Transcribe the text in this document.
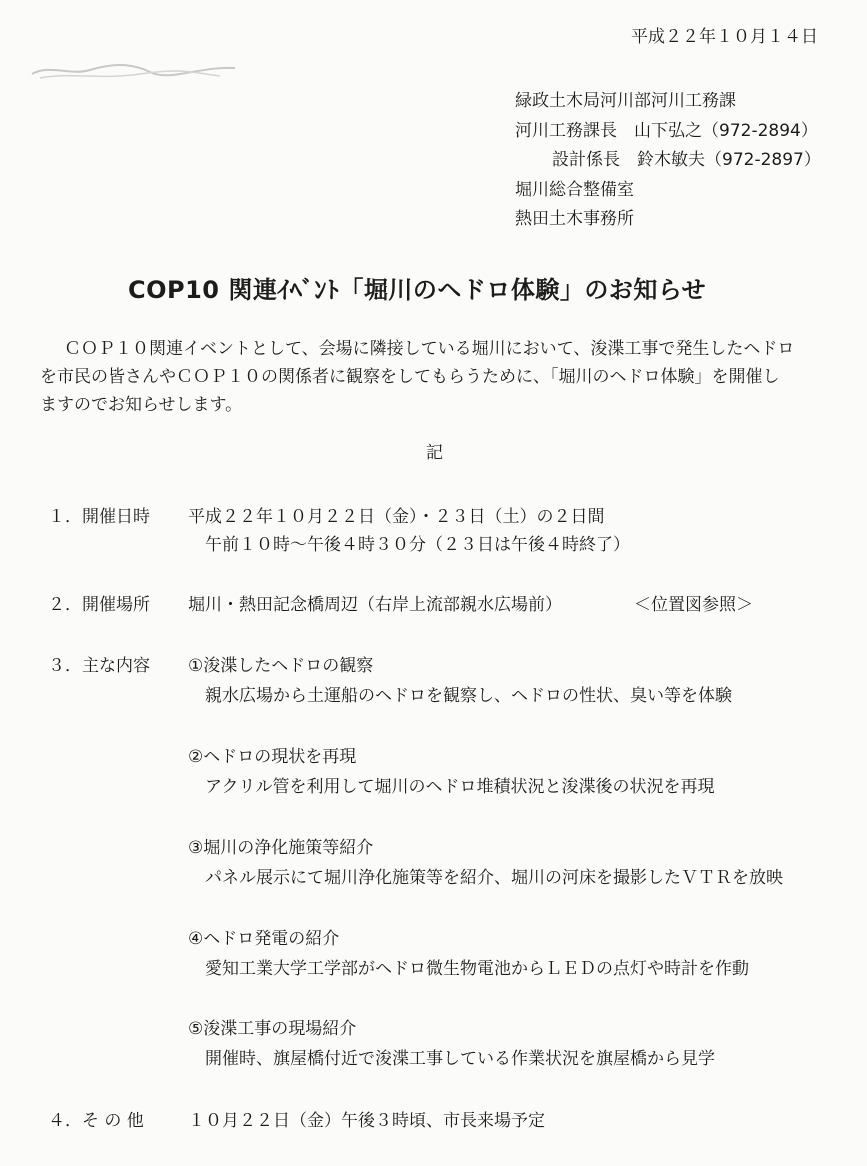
平成２２年１０月１４日
緑政土木局河川部河川工務課
河川工務課長　山下弘之（972-2894）
設計係長　鈴木敏夫（972-2897）
堀川総合整備室
熱田土木事務所
COP10 関連ｲﾍﾞﾝﾄ「堀川のヘドロ体験」のお知らせ
ＣＯＰ１０関連イベントとして、会場に隣接している堀川において、浚渫工事で発生したヘドロ
を市民の皆さんやＣＯＰ１０の関係者に観察をしてもらうために、「堀川のヘドロ体験」を開催し
ますのでお知らせします。
記
１． 開催日時 平成２２年１０月２２日（金）・２３日（土）の２日間
午前１０時～午後４時３０分（２３日は午後４時終了）
２． 開催場所 堀川・熱田記念橋周辺（右岸上流部親水広場前）	＜位置図参照＞
３． 主な内容 ①浚渫したヘドロの観察
親水広場から土運船のヘドロを観察し、ヘドロの性状、臭い等を体験
②ヘドロの現状を再現
アクリル管を利用して堀川のヘドロ堆積状況と浚渫後の状況を再現
③堀川の浄化施策等紹介
パネル展示にて堀川浄化施策等を紹介、堀川の河床を撮影したＶＴＲを放映
④ヘドロ発電の紹介
愛知工業大学工学部がヘドロ微生物電池からＬＥＤの点灯や時計を作動
⑤浚渫工事の現場紹介
開催時、旗屋橋付近で浚渫工事している作業状況を旗屋橋から見学
４． そ の 他	１０月２２日（金）午後３時頃、市長来場予定
